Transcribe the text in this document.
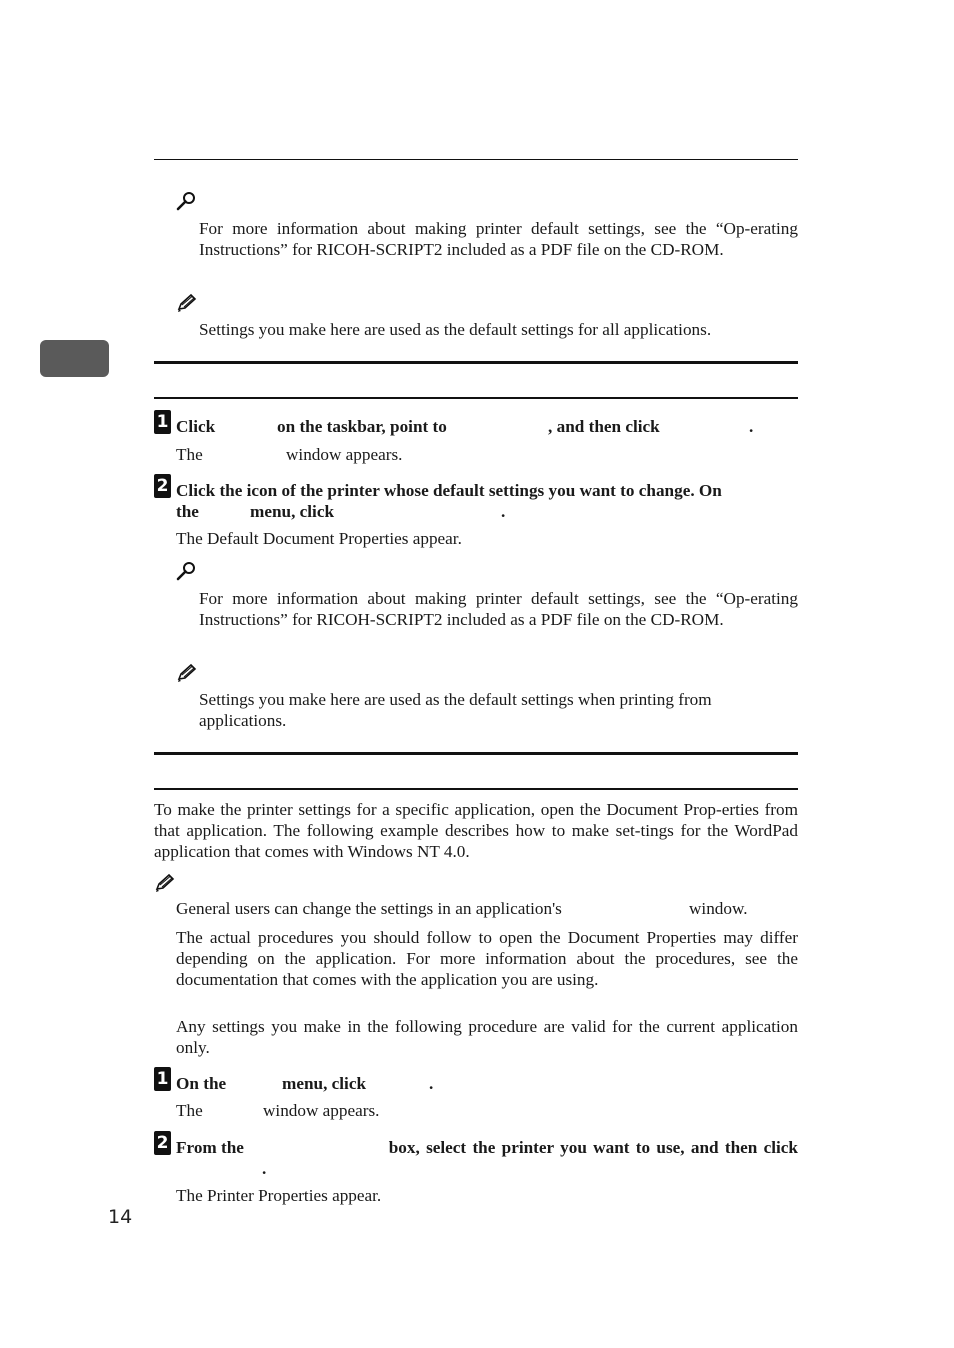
For more information about making printer default settings, see the “Op-erating Instructions” for RICOH-SCRIPT2 included as a PDF file on the CD-ROM.

Settings you make here are used as the default settings for all applications.

1 Click	on the taskbar, point to	, and then click	.
The	window appears.
2 Click the icon of the printer whose default settings you want to change. On
the	menu, click	.
The Default Document Properties appear.

For more information about making printer default settings, see the “Op-erating Instructions” for RICOH-SCRIPT2 included as a PDF file on the CD-ROM.

Settings you make here are used as the default settings when printing from applications.

To make the printer settings for a specific application, open the Document Prop-erties from that application. The following example describes how to make set-tings for the WordPad application that comes with Windows NT 4.0.

General users can change the settings in an application's	window.

The actual procedures you should follow to open the Document Properties may differ depending on the application. For more information about the procedures, see the documentation that comes with the application you are using.

Any settings you make in the following procedure are valid for the current application only.

1 On the	menu, click	.
The	window appears.
2 From the	box, select the printer you want to use, and then click
.
The Printer Properties appear.
14
